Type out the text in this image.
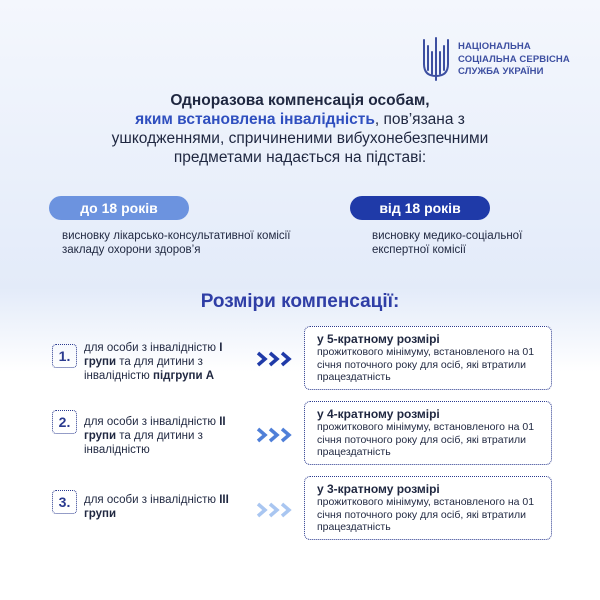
НАЦІОНАЛЬНА
СОЦІАЛЬНА СЕРВІСНА
СЛУЖБА УКРАЇНИ
Одноразова компенсація особам,
яким встановлена інвалідність, пов’язана з
ушкодженнями, спричиненими вибухонебезпечними
предметами надається на підставі:
до 18 років
висновку лікарсько-консультативної комісії закладу охорони здоров’я
від 18 років
висновку медико-соціальної експертної комісії
Розміри компенсації:
1.	для особи з інвалідністю І групи та для дитини з інвалідністю підгрупи А
у 5-кратному розмірі
прожиткового мінімуму, встановленого на 01 січня поточного року для осіб, які втратили працездатність
2.	для особи з інвалідністю ІІ групи та для дитини з інвалідністю
у 4-кратному розмірі
прожиткового мінімуму, встановленого на 01 січня поточного року для осіб, які втратили працездатність
3.	для особи з інвалідністю ІІІ групи
у 3-кратному розмірі
прожиткового мінімуму, встановленого на 01 січня поточного року для осіб, які втратили працездатність
